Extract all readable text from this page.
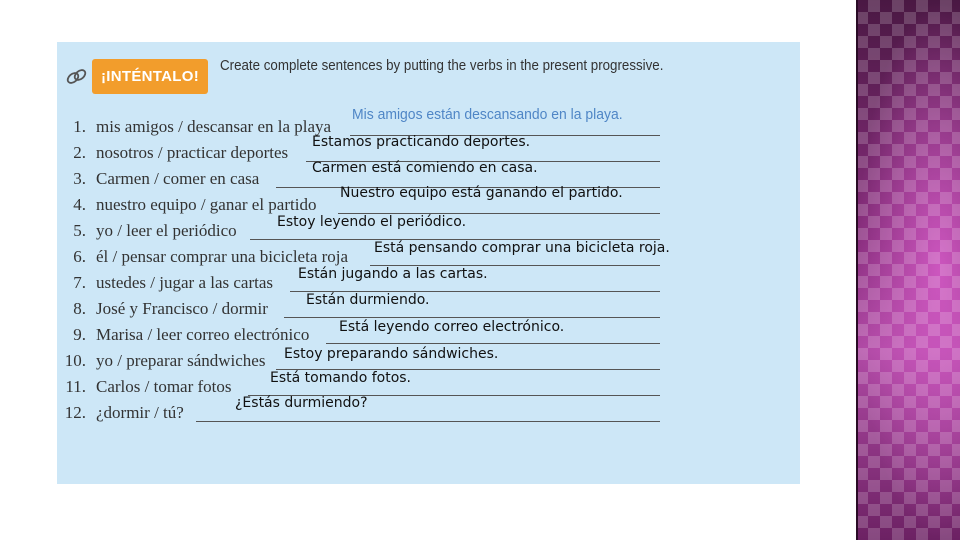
¡INTÉNTALO!
Create complete sentences by putting the verbs in the present progressive.
1. mis amigos / descansar en la playa
Mis amigos están descansando en la playa.
2. nosotros / practicar deportes
Estamos practicando deportes.
3. Carmen / comer en casa
Carmen está comiendo en casa.
4. nuestro equipo / ganar el partido
Nuestro equipo está ganando el partido.
5. yo / leer el periódico	Estoy leyendo el periódico.
6. él / pensar comprar una bicicleta roja Está pensando comprar una bicicleta roja.
7. ustedes / jugar a las cartas Están jugando a las cartas.
8. José y Francisco / dormir	Están durmiendo.
9. Marisa / leer correo electrónico Está leyendo correo electrónico.
10. yo / preparar sándwiches Estoy preparando sándwiches.
11. Carlos / tomar fotos	Está tomando fotos.
12. ¿dormir / tú?	¿Estás durmiendo?
